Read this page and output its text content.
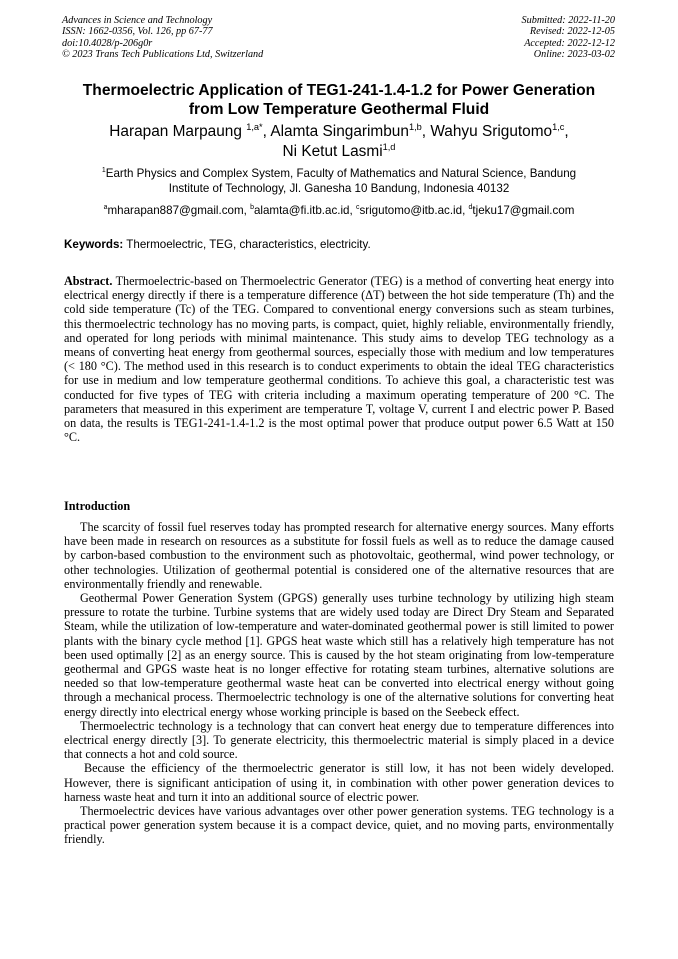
Advances in Science and Technology
ISSN: 1662-0356, Vol. 126, pp 67-77
doi:10.4028/p-206g0r
© 2023 Trans Tech Publications Ltd, Switzerland
Submitted: 2022-11-20
Revised: 2022-12-05
Accepted: 2022-12-12
Online: 2023-03-02
Thermoelectric Application of TEG1-241-1.4-1.2 for Power Generation
from Low Temperature Geothermal Fluid
Harapan Marpaung $^{1,a*}$, Alamta Singarimbun$^{1,b}$, Wahyu Srigutomo$^{1,c}$,
Ni Ketut Lasmi$^{1,d}$
$^1$Earth Physics and Complex System, Faculty of Mathematics and Natural Science, Bandung
Institute of Technology, Jl. Ganesha 10 Bandung, Indonesia 40132
$^a$mharapan887@gmail.com, $^b$alamta@fi.itb.ac.id, $^c$srigutomo@itb.ac.id, $^d$tjeku17@gmail.com
Keywords: Thermoelectric, TEG, characteristics, electricity.
Abstract. Thermoelectric-based on Thermoelectric Generator (TEG) is a method of converting heat energy into electrical energy directly if there is a temperature difference (ΔT) between the hot side temperature (Th) and the cold side temperature (Tc) of the TEG. Compared to conventional energy conversions such as steam turbines, this thermoelectric technology has no moving parts, is compact, quiet, highly reliable, environmentally friendly, and operated for long periods with minimal maintenance. This study aims to develop TEG technology as a means of converting heat energy from geothermal sources, especially those with medium and low temperatures (< 180 °C). The method used in this research is to conduct experiments to obtain the ideal TEG characteristics for use in medium and low temperature geothermal conditions. To achieve this goal, a characteristic test was conducted for five types of TEG with criteria including a maximum operating temperature of 200 °C. The parameters that measured in this experiment are temperature T, voltage V, current I and electric power P. Based on data, the results is TEG1-241-1.4-1.2 is the most optimal power that produce output power 6.5 Watt at 150 °C.
Introduction

The scarcity of fossil fuel reserves today has prompted research for alternative energy sources. Many efforts have been made in research on resources as a substitute for fossil fuels as well as to reduce the damage caused by carbon-based combustion to the environment such as photovoltaic, geothermal, wind power technology, or other technologies. Utilization of geothermal potential is considered one of the alternative resources that are environmentally friendly and renewable.

Geothermal Power Generation System (GPGS) generally uses turbine technology by utilizing high steam pressure to rotate the turbine. Turbine systems that are widely used today are Direct Dry Steam and Separated Steam, while the utilization of low-temperature and water-dominated geothermal power is still limited to power plants with the binary cycle method [1]. GPGS heat waste which still has a relatively high temperature has not been used optimally [2] as an energy source. This is caused by the hot steam originating from low-temperature geothermal and GPGS waste heat is no longer effective for rotating steam turbines, alternative solutions are needed so that low-temperature geothermal waste heat can be converted into electrical energy without going through a mechanical process. Thermoelectric technology is one of the alternative solutions for converting heat energy directly into electrical energy whose working principle is based on the Seebeck effect.

Thermoelectric technology is a technology that can convert heat energy due to temperature differences into electrical energy directly [3]. To generate electricity, this thermoelectric material is simply placed in a device that connects a hot and cold source.

Because the efficiency of the thermoelectric generator is still low, it has not been widely developed. However, there is significant anticipation of using it, in combination with other power generation devices to harness waste heat and turn it into an additional source of electric power.

Thermoelectric devices have various advantages over other power generation systems. TEG technology is a practical power generation system because it is a compact device, quiet, and no moving parts, environmentally friendly.
